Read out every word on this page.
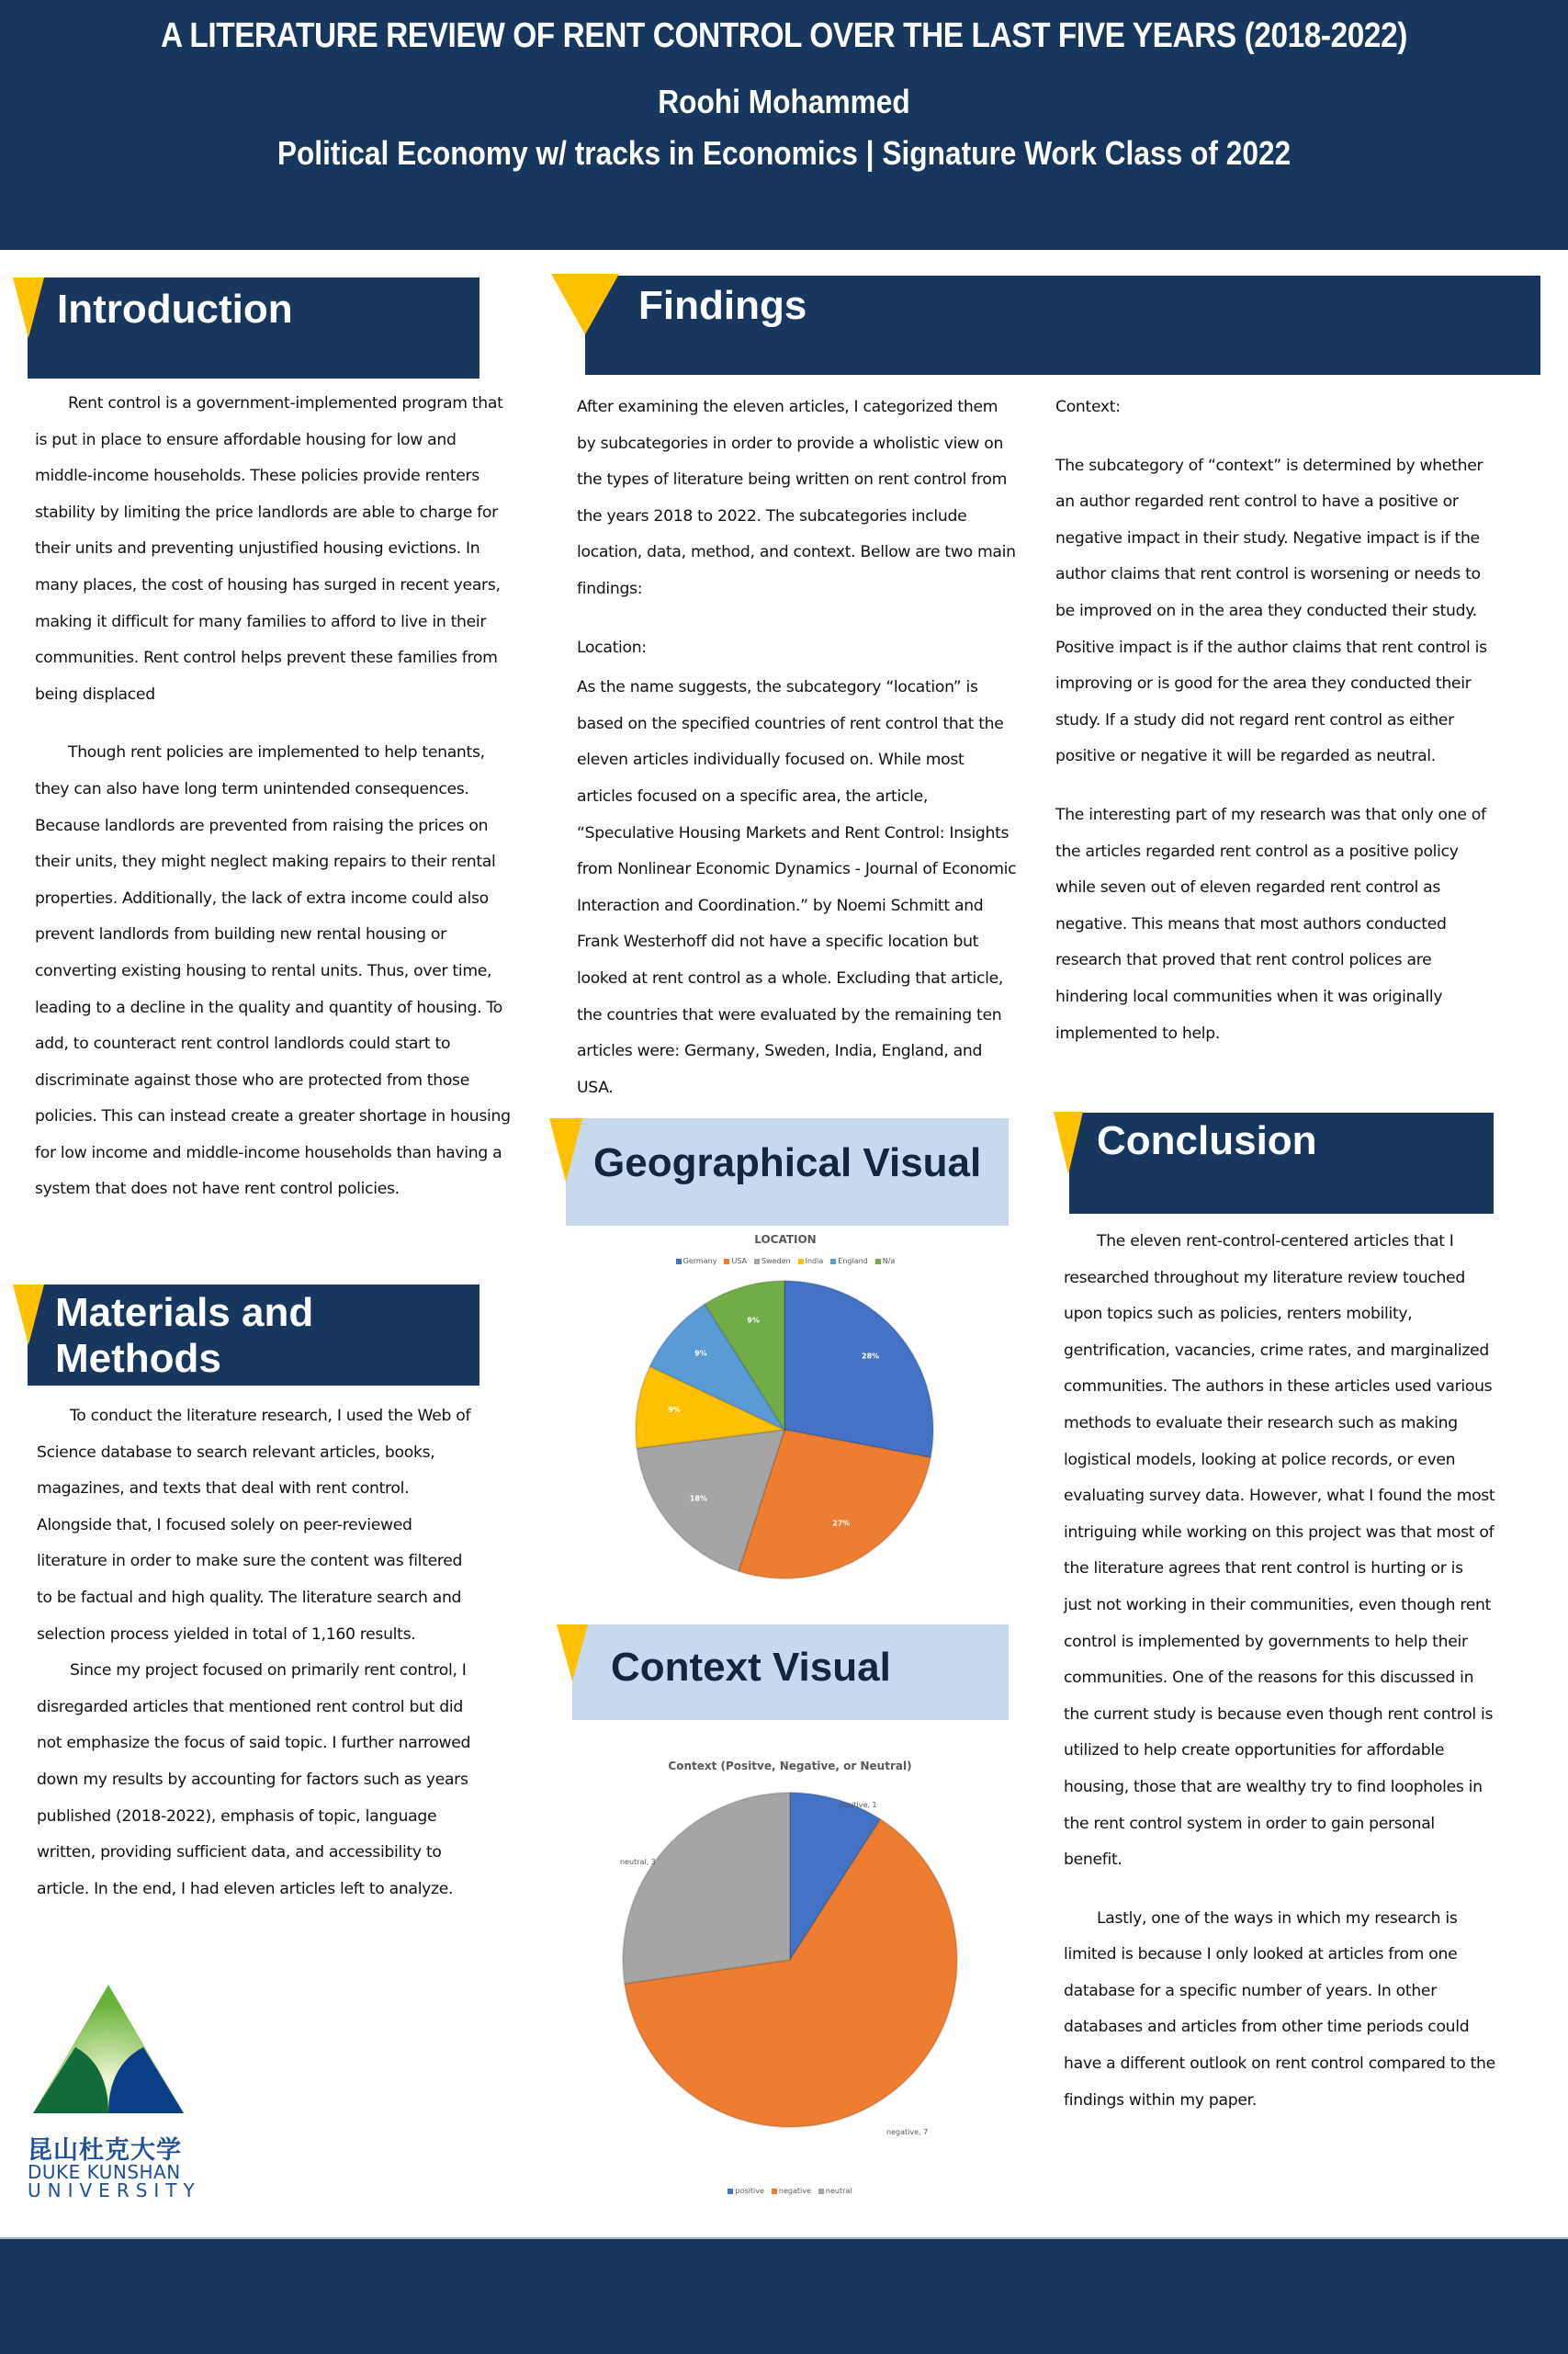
A LITERATURE REVIEW OF RENT CONTROL OVER THE LAST FIVE YEARS (2018-2022)
Roohi Mohammed
Political Economy w/ tracks in Economics | Signature Work Class of 2022
Introduction

Rent control is a government-implemented program that is put in place to ensure affordable housing for low and middle-income households. These policies provide renters stability by limiting the price landlords are able to charge for their units and preventing unjustified housing evictions. In many places, the cost of housing has surged in recent years, making it difficult for many families to afford to live in their communities. Rent control helps prevent these families from being displaced

Though rent policies are implemented to help tenants, they can also have long term unintended consequences. Because landlords are prevented from raising the prices on their units, they might neglect making repairs to their rental properties. Additionally, the lack of extra income could also prevent landlords from building new rental housing or converting existing housing to rental units. Thus, over time, leading to a decline in the quality and quantity of housing. To add, to counteract rent control landlords could start to discriminate against those who are protected from those policies. This can instead create a greater shortage in housing for low income and middle-income households than having a system that does not have rent control policies.

Materials and
Methods

To conduct the literature research, I used the Web of Science database to search relevant articles, books, magazines, and texts that deal with rent control. Alongside that, I focused solely on peer-reviewed literature in order to make sure the content was filtered to be factual and high quality. The literature search and selection process yielded in total of 1,160 results.

Since my project focused on primarily rent control, I disregarded articles that mentioned rent control but did not emphasize the focus of said topic. I further narrowed down my results by accounting for factors such as years published (2018-2022), emphasis of topic, language written, providing sufficient data, and accessibility to article. In the end, I had eleven articles left to analyze.

昆山杜克大学
DUKE KUNSHAN
UNIVERSITY
Findings

After examining the eleven articles, I categorized them by subcategories in order to provide a wholistic view on the types of literature being written on rent control from the years 2018 to 2022. The subcategories include location, data, method, and context. Bellow are two main findings:

Location:

As the name suggests, the subcategory “location” is based on the specified countries of rent control that the eleven articles individually focused on. While most articles focused on a specific area, the article, “Speculative Housing Markets and Rent Control: Insights from Nonlinear Economic Dynamics - Journal of Economic Interaction and Coordination.” by Noemi Schmitt and Frank Westerhoff did not have a specific location but looked at rent control as a whole. Excluding that article, the countries that were evaluated by the remaining ten articles were: Germany, Sweden, India, England, and USA.

Context:

The subcategory of “context” is determined by whether an author regarded rent control to have a positive or negative impact in their study. Negative impact is if the author claims that rent control is worsening or needs to be improved on in the area they conducted their study. Positive impact is if the author claims that rent control is improving or is good for the area they conducted their study. If a study did not regard rent control as either positive or negative it will be regarded as neutral.

The interesting part of my research was that only one of the articles regarded rent control as a positive policy while seven out of eleven regarded rent control as negative. This means that most authors conducted research that proved that rent control polices are hindering local communities when it was originally implemented to help.

Geographical Visual
LOCATION
Germany	USA	Sweden	India	England	N/a
28%
27%
18%
9%
9%
9%
Context Visual
Context (Positve, Negative, or Neutral)
positive, 1
neutral, 3
negative, 7
positive	negative	neutral
Conclusion

The eleven rent-control-centered articles that I researched throughout my literature review touched upon topics such as policies, renters mobility, gentrification, vacancies, crime rates, and marginalized communities. The authors in these articles used various methods to evaluate their research such as making logistical models, looking at police records, or even evaluating survey data. However, what I found the most intriguing while working on this project was that most of the literature agrees that rent control is hurting or is just not working in their communities, even though rent control is implemented by governments to help their communities. One of the reasons for this discussed in the current study is because even though rent control is utilized to help create opportunities for affordable housing, those that are wealthy try to find loopholes in the rent control system in order to gain personal benefit.

Lastly, one of the ways in which my research is limited is because I only looked at articles from one database for a specific number of years. In other databases and articles from other time periods could have a different outlook on rent control compared to the findings within my paper.
